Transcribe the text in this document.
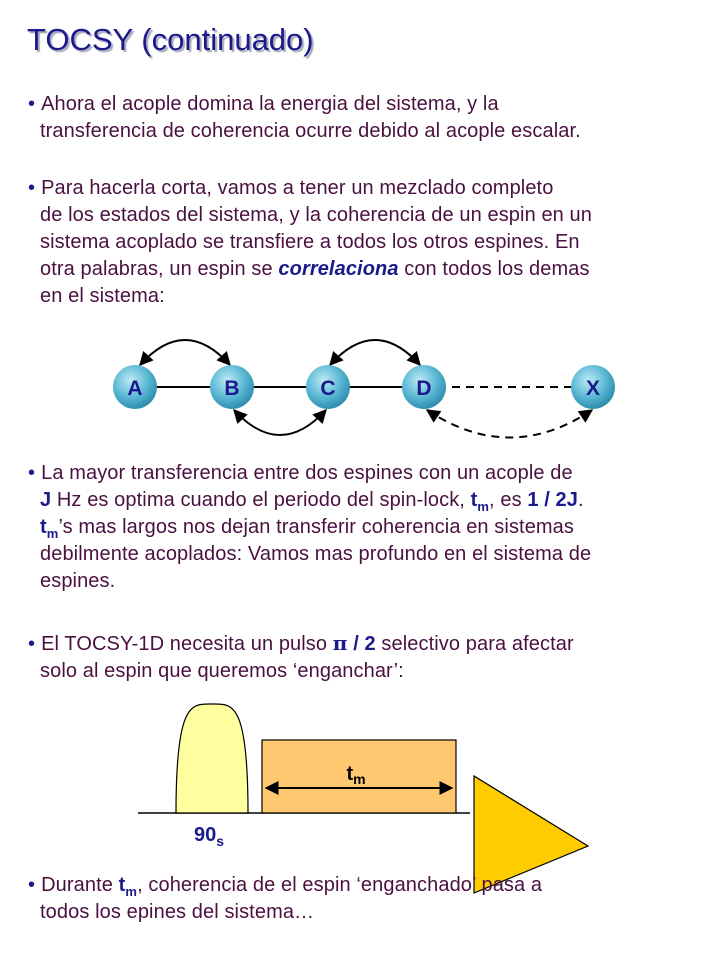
TOCSY (continuado)
• Ahora el acople domina la energia del sistema, y la
transferencia de coherencia ocurre debido al acople escalar.
• Para hacerla corta, vamos a tener un mezclado completo
de los estados del sistema, y la coherencia de un espin en un
sistema acoplado se transfiere a todos los otros espines. En
otra palabras, un espin se correlaciona con todos los demas
en el sistema:
A	B	C	D	X
• La mayor transferencia entre dos espines con un acople de
J Hz es optima cuando el periodo del spin-lock, $t_m$, es 1 / 2J.
$t_m’s$ mas largos nos dejan transferir coherencia en sistemas
debilmente acoplados: Vamos mas profundo en el sistema de
espines.
• El TOCSY-1D necesita un pulso π / 2 selectivo para afectar
solo al espin que queremos ‘enganchar’:
$t_m$
$90_s$
• Durante $t_m$, coherencia de el espin ‘enganchado’ pasa a
todos los epines del sistema…
